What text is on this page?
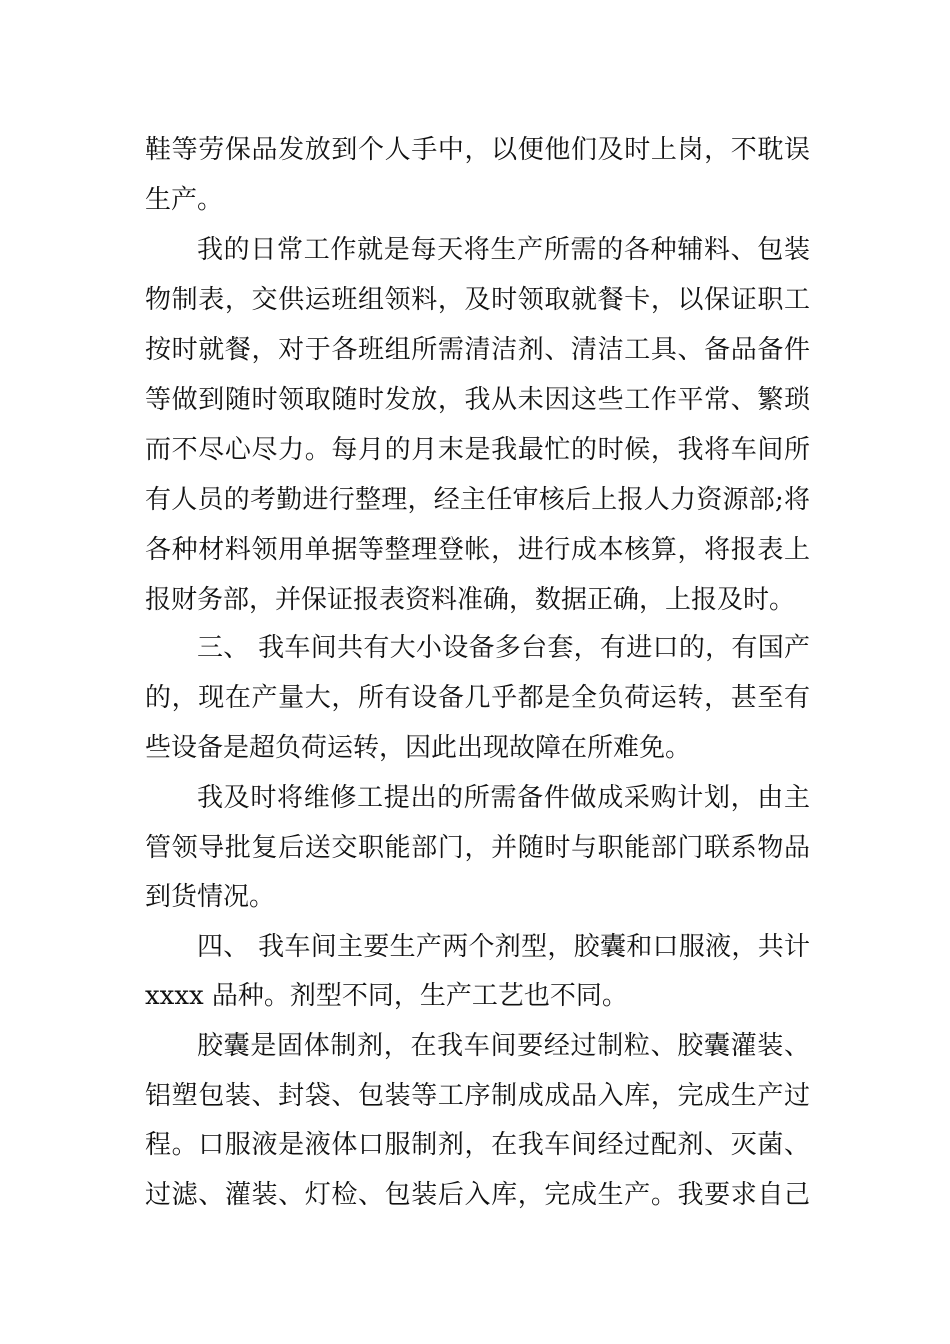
鞋等劳保品发放到个人手中，以便他们及时上岗，不耽误
生产。
我的日常工作就是每天将生产所需的各种辅料、包装
物制表，交供运班组领料，及时领取就餐卡，以保证职工
按时就餐，对于各班组所需清洁剂、清洁工具、备品备件
等做到随时领取随时发放，我从未因这些工作平常、繁琐
而不尽心尽力。每月的月末是我最忙的时候，我将车间所
有人员的考勤进行整理，经主任审核后上报人力资源部;将
各种材料领用单据等整理登帐，进行成本核算，将报表上
报财务部，并保证报表资料准确，数据正确，上报及时。
三、 我车间共有大小设备多台套，有进口的，有国产
的，现在产量大，所有设备几乎都是全负荷运转，甚至有
些设备是超负荷运转，因此出现故障在所难免。
我及时将维修工提出的所需备件做成采购计划，由主
管领导批复后送交职能部门，并随时与职能部门联系物品
到货情况。
四、 我车间主要生产两个剂型，胶囊和口服液，共计
xxxx 品种。剂型不同，生产工艺也不同。
胶囊是固体制剂，在我车间要经过制粒、胶囊灌装、
铝塑包装、封袋、包装等工序制成成品入库，完成生产过
程。口服液是液体口服制剂，在我车间经过配剂、灭菌、
过滤、灌装、灯检、包装后入库，完成生产。我要求自己
